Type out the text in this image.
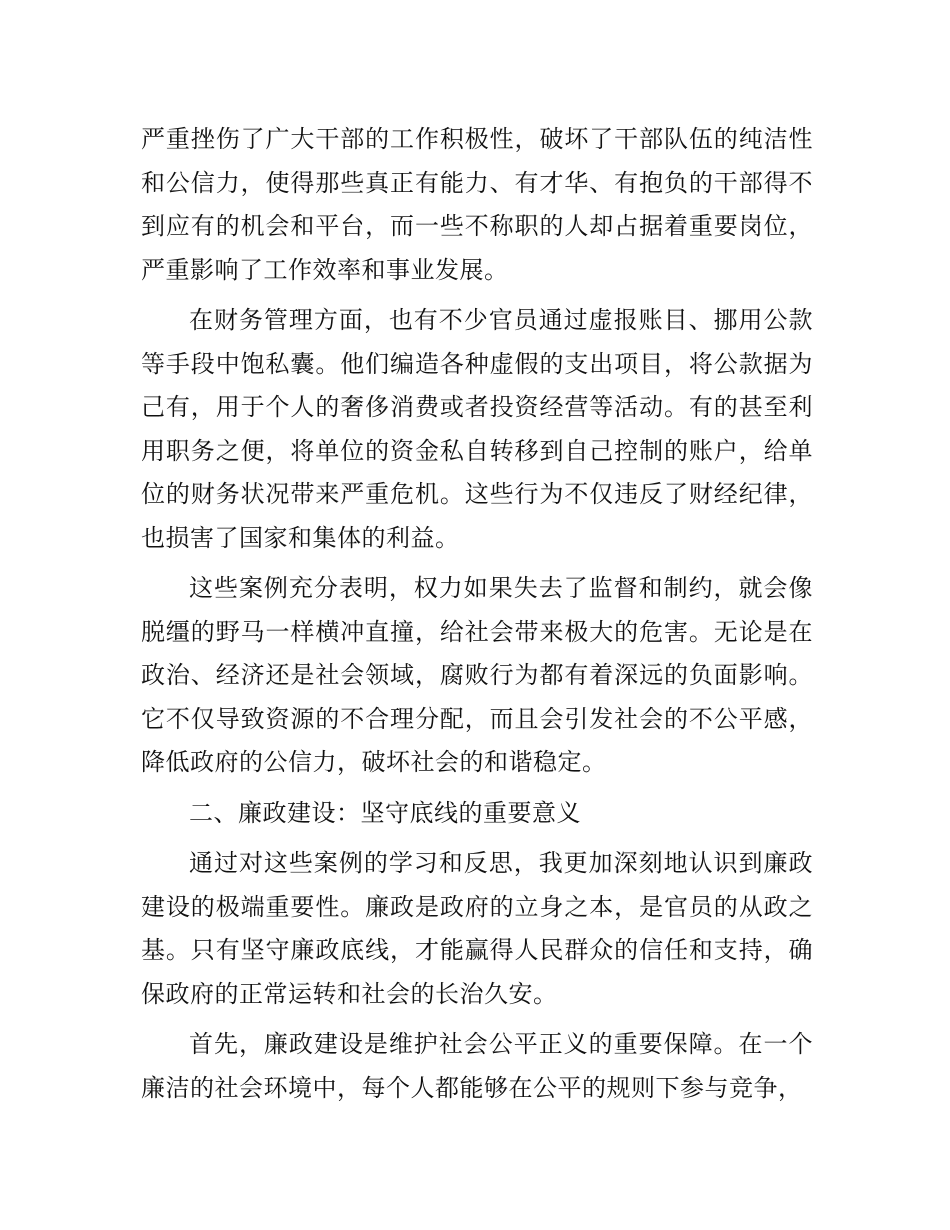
严重挫伤了广大干部的工作积极性，破坏了干部队伍的纯洁性和公信力，使得那些真正有能力、有才华、有抱负的干部得不到应有的机会和平台，而一些不称职的人却占据着重要岗位，严重影响了工作效率和事业发展。

在财务管理方面，也有不少官员通过虚报账目、挪用公款等手段中饱私囊。他们编造各种虚假的支出项目，将公款据为己有，用于个人的奢侈消费或者投资经营等活动。有的甚至利用职务之便，将单位的资金私自转移到自己控制的账户，给单位的财务状况带来严重危机。这些行为不仅违反了财经纪律，也损害了国家和集体的利益。

这些案例充分表明，权力如果失去了监督和制约，就会像脱缰的野马一样横冲直撞，给社会带来极大的危害。无论是在政治、经济还是社会领域，腐败行为都有着深远的负面影响。它不仅导致资源的不合理分配，而且会引发社会的不公平感，降低政府的公信力，破坏社会的和谐稳定。

二、廉政建设：坚守底线的重要意义

通过对这些案例的学习和反思，我更加深刻地认识到廉政建设的极端重要性。廉政是政府的立身之本，是官员的从政之基。只有坚守廉政底线，才能赢得人民群众的信任和支持，确保政府的正常运转和社会的长治久安。

首先，廉政建设是维护社会公平正义的重要保障。在一个廉洁的社会环境中，每个人都能够在公平的规则下参与竞争，
